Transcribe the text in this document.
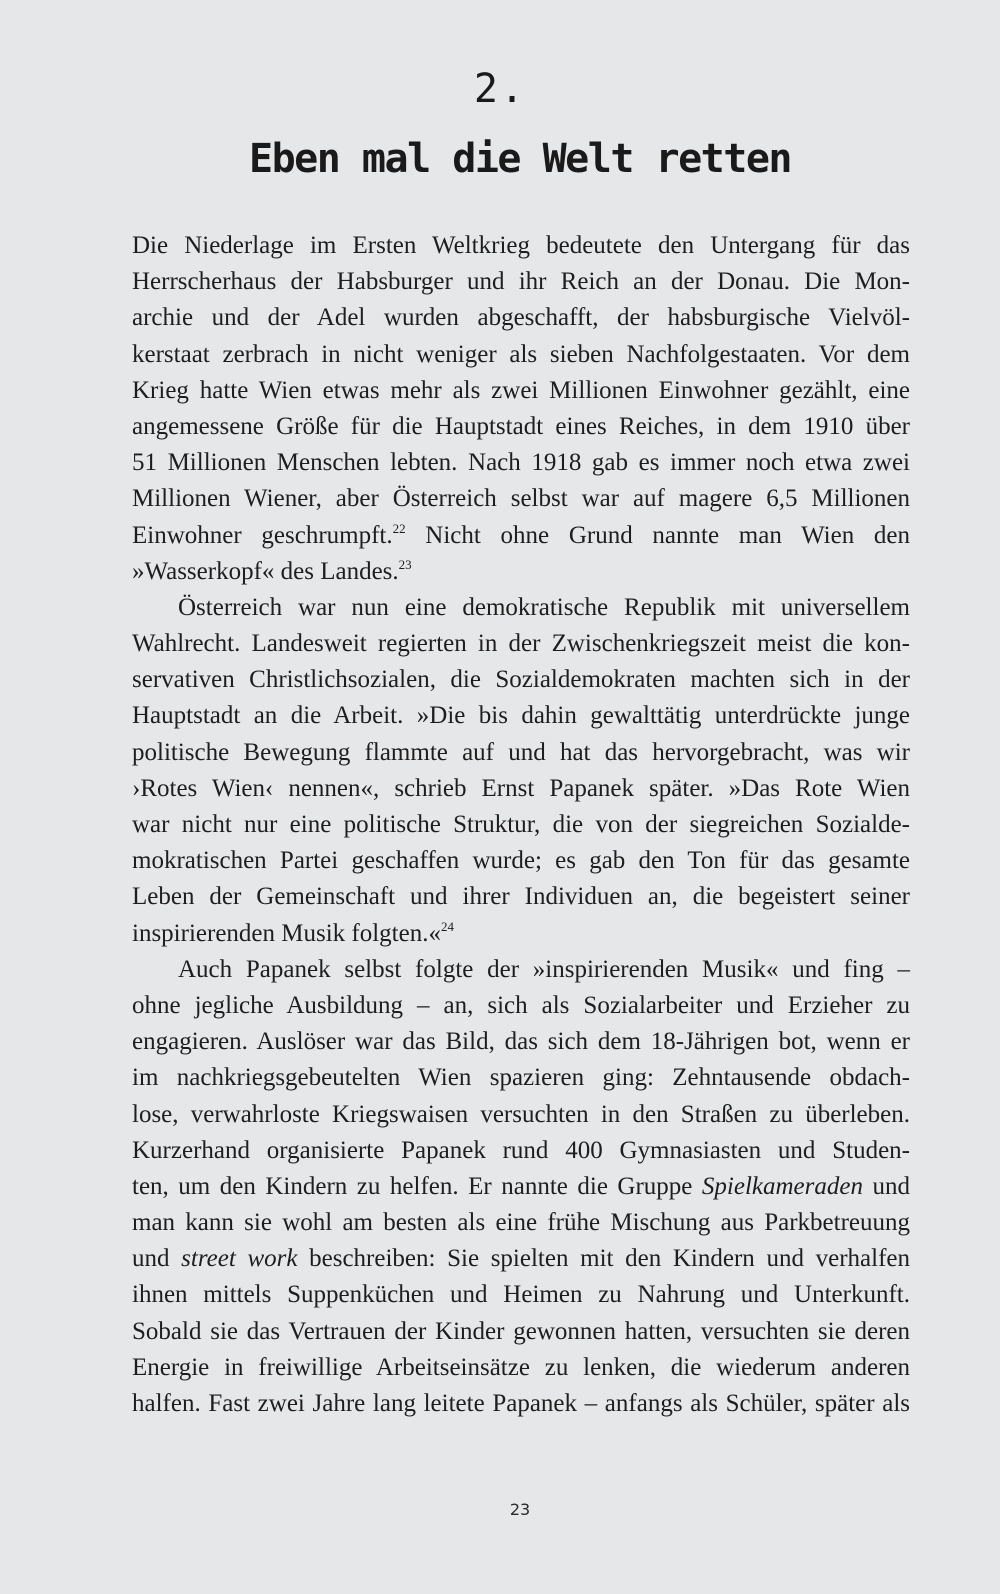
2.
Eben mal die Welt retten
Die Niederlage im Ersten Weltkrieg bedeutete den Untergang für das
Herrscherhaus der Habsburger und ihr Reich an der Donau. Die Mon-
archie und der Adel wurden abgeschafft, der habsburgische Vielvöl-
kerstaat zerbrach in nicht weniger als sieben Nachfolgestaaten. Vor dem
Krieg hatte Wien etwas mehr als zwei Millionen Einwohner gezählt, eine
angemessene Größe für die Hauptstadt eines Reiches, in dem 1910 über
51 Millionen Menschen lebten. Nach 1918 gab es immer noch etwa zwei
Millionen Wiener, aber Österreich selbst war auf magere 6,5 Millionen
Einwohner geschrumpft.$^{22}$ Nicht ohne Grund nannte man Wien den
»Wasserkopf« des Landes.$^{23}$
Österreich war nun eine demokratische Republik mit universellem
Wahlrecht. Landesweit regierten in der Zwischenkriegszeit meist die kon-
servativen Christlichsozialen, die Sozialdemokraten machten sich in der
Hauptstadt an die Arbeit. »Die bis dahin gewalttätig unterdrückte junge
politische Bewegung flammte auf und hat das hervorgebracht, was wir
›Rotes Wien‹ nennen«, schrieb Ernst Papanek später. »Das Rote Wien
war nicht nur eine politische Struktur, die von der siegreichen Sozialde-
mokratischen Partei geschaffen wurde; es gab den Ton für das gesamte
Leben der Gemeinschaft und ihrer Individuen an, die begeistert seiner
inspirierenden Musik folgten.«$^{24}$
Auch Papanek selbst folgte der »inspirierenden Musik« und fing –
ohne jegliche Ausbildung – an, sich als Sozialarbeiter und Erzieher zu
engagieren. Auslöser war das Bild, das sich dem 18-Jährigen bot, wenn er
im nachkriegsgebeutelten Wien spazieren ging: Zehntausende obdach-
lose, verwahrloste Kriegswaisen versuchten in den Straßen zu überleben.
Kurzerhand organisierte Papanek rund 400 Gymnasiasten und Studen-
ten, um den Kindern zu helfen. Er nannte die Gruppe Spielkameraden und
man kann sie wohl am besten als eine frühe Mischung aus Parkbetreuung
und street work beschreiben: Sie spielten mit den Kindern und verhalfen
ihnen mittels Suppenküchen und Heimen zu Nahrung und Unterkunft.
Sobald sie das Vertrauen der Kinder gewonnen hatten, versuchten sie deren
Energie in freiwillige Arbeitseinsätze zu lenken, die wiederum anderen
halfen. Fast zwei Jahre lang leitete Papanek – anfangs als Schüler, später als
23
